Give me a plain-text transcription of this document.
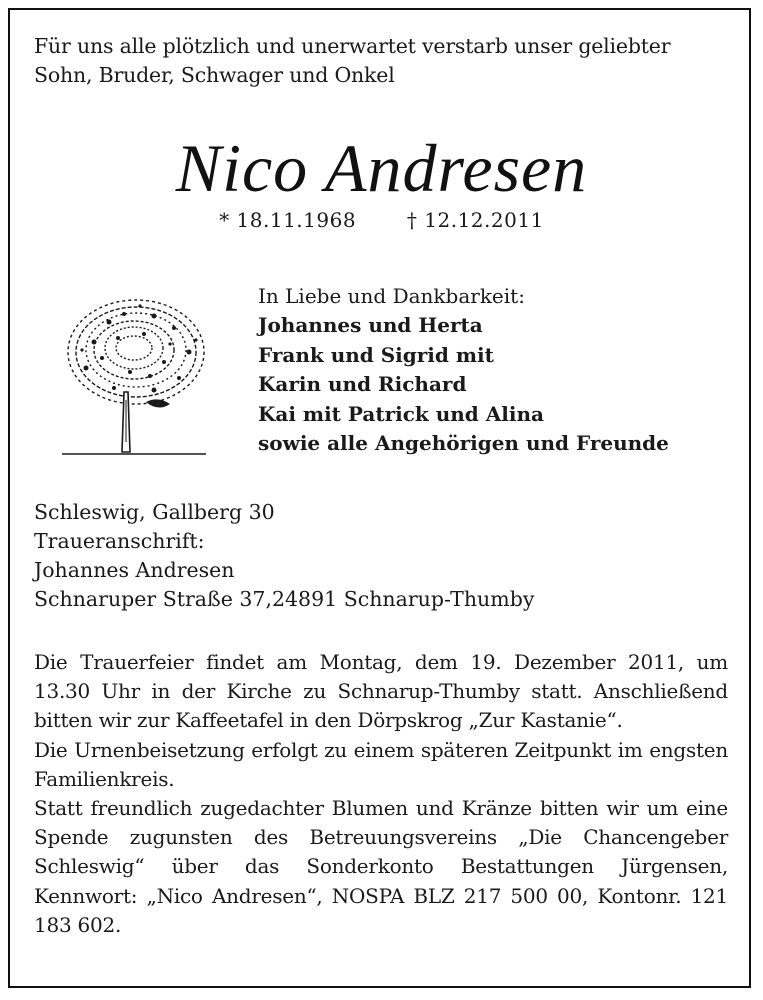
Für uns alle plötzlich und unerwartet verstarb unser geliebter
Sohn, Bruder, Schwager und Onkel
Nico Andresen
* 18.11.1968	† 12.12.2011
In Liebe und Dankbarkeit:
Johannes und Herta
Frank und Sigrid mit
Karin und Richard
Kai mit Patrick und Alina
sowie alle Angehörigen und Freunde
Schleswig, Gallberg 30
Traueranschrift:
Johannes Andresen
Schnaruper Straße 37,24891 Schnarup-Thumby

Die Trauerfeier findet am Montag, dem 19. Dezember 2011, um 13.30 Uhr in der Kirche zu Schnarup-Thumby statt. Anschließend bitten wir zur Kaffeetafel in den Dörpskrog „Zur Kastanie“.

Die Urnenbeisetzung erfolgt zu einem späteren Zeitpunkt im engsten Familienkreis.

Statt freundlich zugedachter Blumen und Kränze bitten wir um eine Spende zugunsten des Betreuungsvereins „Die Chancengeber Schleswig“ über das Sonderkonto Bestattungen Jürgensen, Kennwort: „Nico Andresen“, NOSPA BLZ 217 500 00, Kontonr. 121 183 602.
